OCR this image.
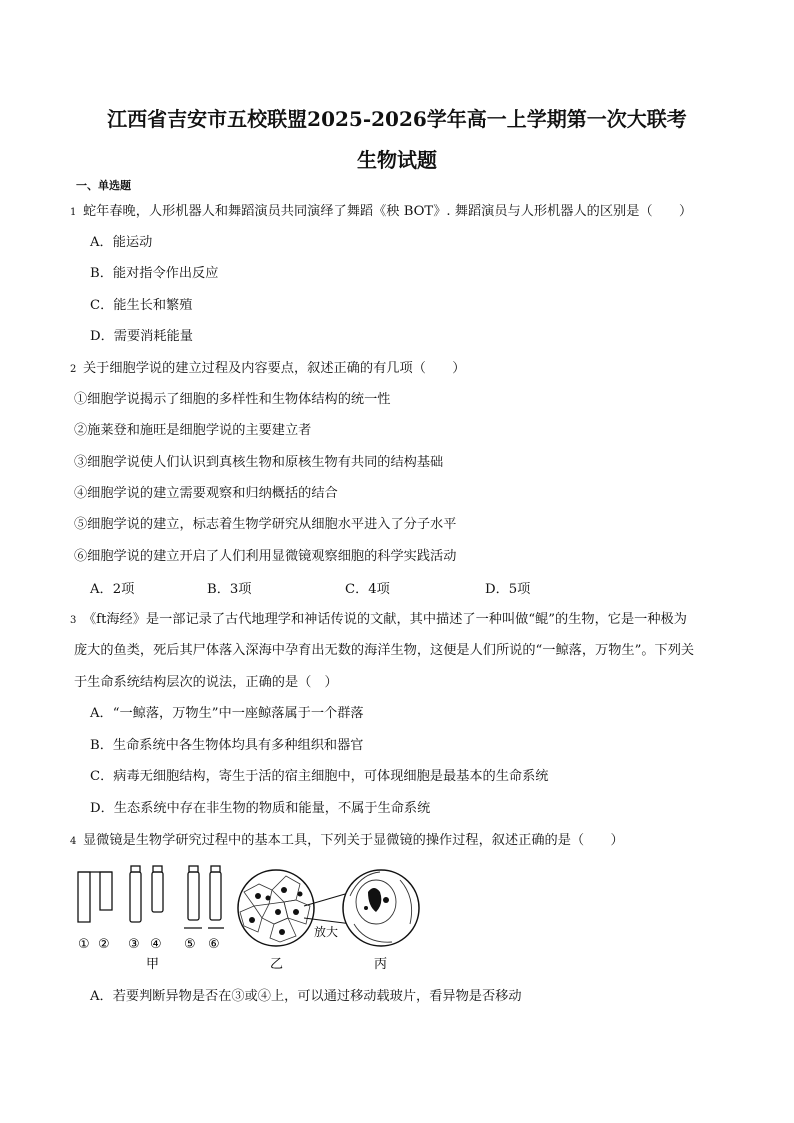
江西省吉安市五校联盟2025-2026学年高一上学期第一次大联考
生物试题
一、单选题
1 蛇年春晚，人形机器人和舞蹈演员共同演绎了舞蹈《秧 BOT》. 舞蹈演员与人形机器人的区别是（　　）
A．能运动
B．能对指令作出反应
C．能生长和繁殖
D．需要消耗能量
2 关于细胞学说的建立过程及内容要点，叙述正确的有几项（　　）
①细胞学说揭示了细胞的多样性和生物体结构的统一性
②施莱登和施旺是细胞学说的主要建立者
③细胞学说使人们认识到真核生物和原核生物有共同的结构基础
④细胞学说的建立需要观察和归纳概括的结合
⑤细胞学说的建立，标志着生物学研究从细胞水平进入了分子水平
⑥细胞学说的建立开启了人们利用显微镜观察细胞的科学实践活动
A．2项	B．3项	C．4项	D．5项
3 《ft海经》是一部记录了古代地理学和神话传说的文献，其中描述了一种叫做“鲲”的生物，它是一种极为
庞大的鱼类，死后其尸体落入深海中孕育出无数的海洋生物，这便是人们所说的“一鲸落，万物生”。下列关
于生命系统结构层次的说法，正确的是（　）
A．“一鲸落，万物生”中一座鲸落属于一个群落
B．生命系统中各生物体均具有多种组织和器官
C．病毒无细胞结构，寄生于活的宿主细胞中，可体现细胞是最基本的生命系统
D．生态系统中存在非生物的物质和能量，不属于生命系统
4 显微镜是生物学研究过程中的基本工具，下列关于显微镜的操作过程，叙述正确的是（　　）
① ② ③ ④ ⑤ ⑥
甲	乙	丙
放大
A．若要判断异物是否在③或④上，可以通过移动载玻片，看异物是否移动
